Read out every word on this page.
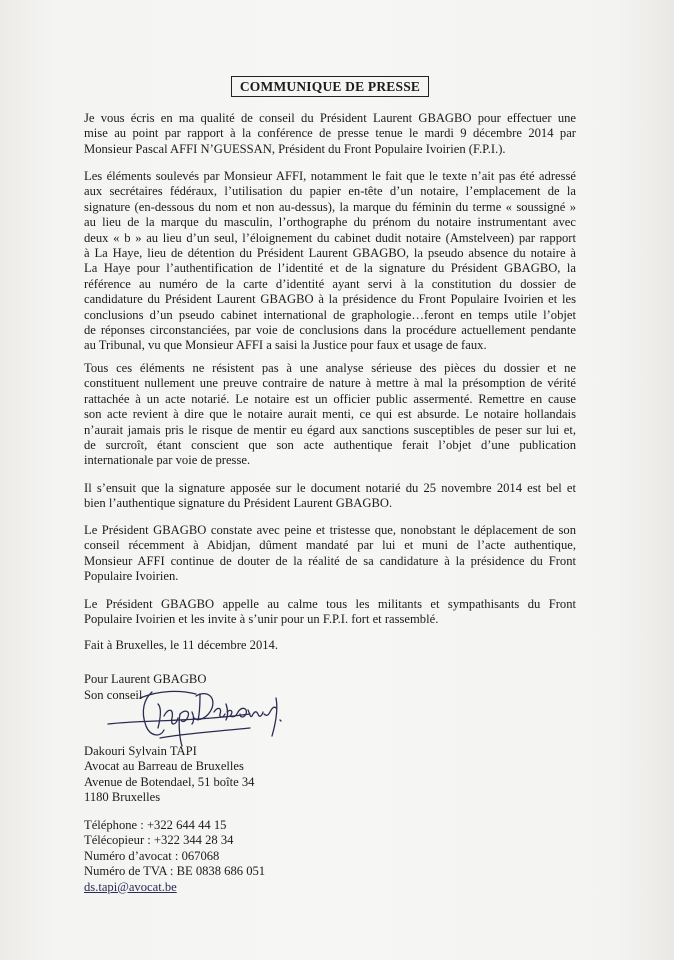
COMMUNIQUE DE PRESSE
Je vous écris en ma qualité de conseil du Président Laurent GBAGBO pour effectuer une
mise au point par rapport à la conférence de presse tenue le mardi 9 décembre 2014 par
Monsieur Pascal AFFI N’GUESSAN, Président du Front Populaire Ivoirien (F.P.I.).
Les éléments soulevés par Monsieur AFFI, notamment le fait que le texte n’ait pas été adressé
aux secrétaires fédéraux, l’utilisation du papier en-tête d’un notaire, l’emplacement de la
signature (en-dessous du nom et non au-dessus), la marque du féminin du terme « soussigné »
au lieu de la marque du masculin, l’orthographe du prénom du notaire instrumentant avec
deux « b » au lieu d’un seul, l’éloignement du cabinet dudit notaire (Amstelveen) par rapport
à La Haye, lieu de détention du Président Laurent GBAGBO, la pseudo absence du notaire à
La Haye pour l’authentification de l’identité et de la signature du Président GBAGBO, la
référence au numéro de la carte d’identité ayant servi à la constitution du dossier de
candidature du Président Laurent GBAGBO à la présidence du Front Populaire Ivoirien et les
conclusions d’un pseudo cabinet international de graphologie…feront en temps utile l’objet
de réponses circonstanciées, par voie de conclusions dans la procédure actuellement pendante
au Tribunal, vu que Monsieur AFFI a saisi la Justice pour faux et usage de faux.
Tous ces éléments ne résistent pas à une analyse sérieuse des pièces du dossier et ne
constituent nullement une preuve contraire de nature à mettre à mal la présomption de vérité
rattachée à un acte notarié. Le notaire est un officier public assermenté. Remettre en cause
son acte revient à dire que le notaire aurait menti, ce qui est absurde. Le notaire hollandais
n’aurait jamais pris le risque de mentir eu égard aux sanctions susceptibles de peser sur lui et,
de surcroît, étant conscient que son acte authentique ferait l’objet d’une publication
internationale par voie de presse.
Il s’ensuit que la signature apposée sur le document notarié du 25 novembre 2014 est bel et
bien l’authentique signature du Président Laurent GBAGBO.
Le Président GBAGBO constate avec peine et tristesse que, nonobstant le déplacement de son
conseil récemment à Abidjan, dûment mandaté par lui et muni de l’acte authentique,
Monsieur AFFI continue de douter de la réalité de sa candidature à la présidence du Front
Populaire Ivoirien.
Le Président GBAGBO appelle au calme tous les militants et sympathisants du Front
Populaire Ivoirien et les invite à s’unir pour un F.P.I. fort et rassemblé.
Fait à Bruxelles, le 11 décembre 2014.
Pour Laurent GBAGBO
Son conseil
Dakouri Sylvain TAPI
Avocat au Barreau de Bruxelles
Avenue de Botendael, 51 boîte 34
1180 Bruxelles
Téléphone : +322 644 44 15
Télécopieur : +322 344 28 34
Numéro d’avocat : 067068
Numéro de TVA : BE 0838 686 051
ds.tapi@avocat.be
